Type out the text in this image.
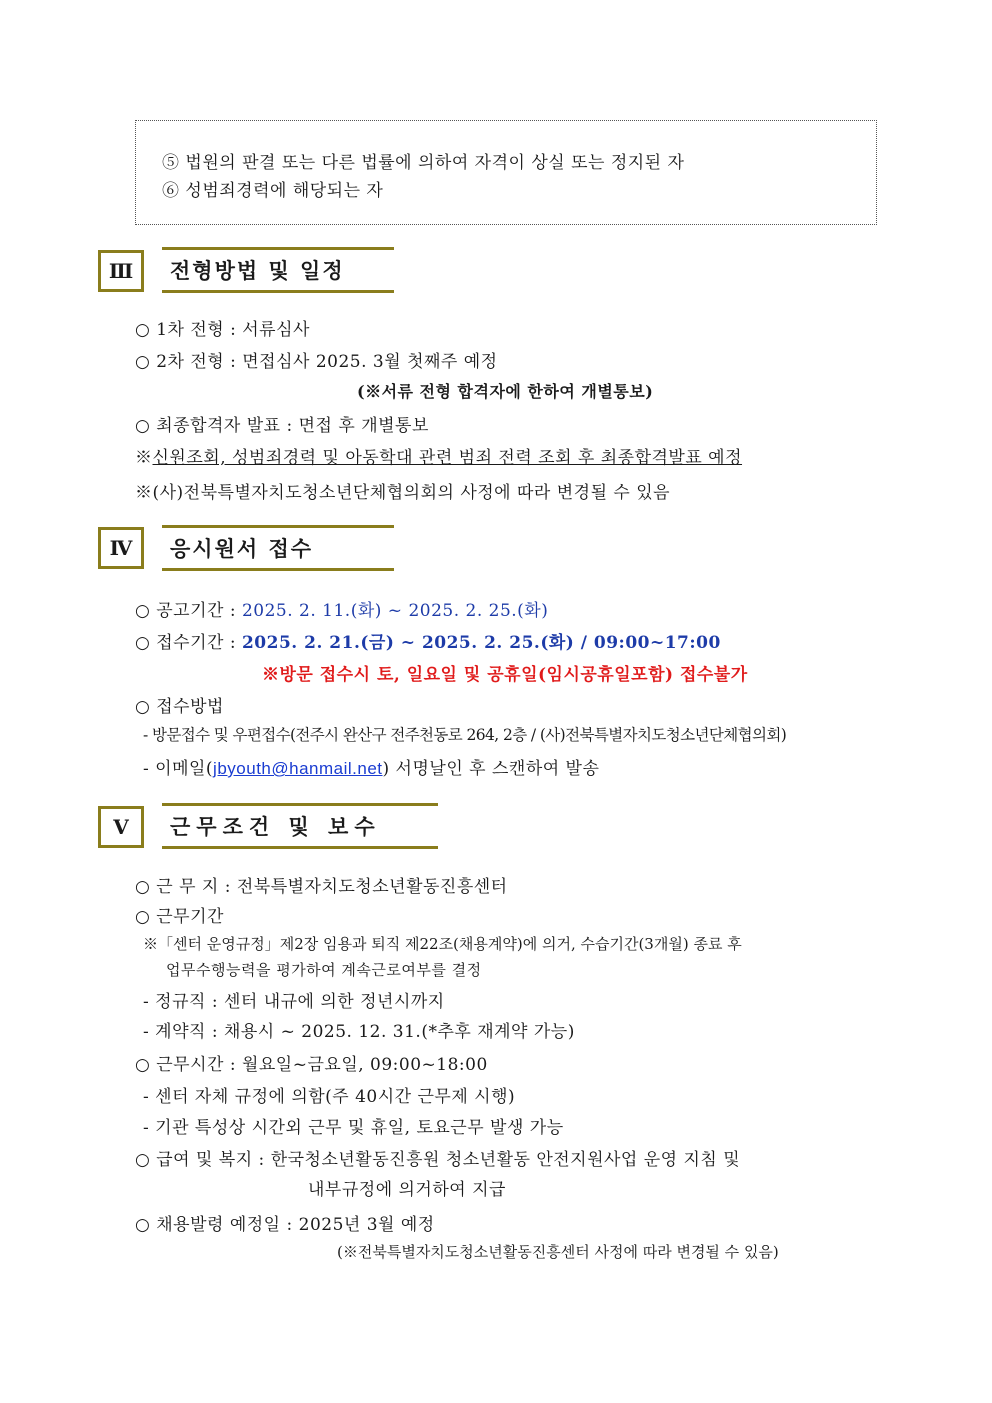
⑤ 법원의 판결 또는 다른 법률에 의하여 자격이 상실 또는 정지된 자
⑥ 성범죄경력에 해당되는 자
Ⅲ	전형방법 및 일정
○ 1차 전형 : 서류심사
○ 2차 전형 : 면접심사 2025. 3월 첫째주 예정
(※서류 전형 합격자에 한하여 개별통보)
○ 최종합격자 발표 : 면접 후 개별통보
※신원조회, 성범죄경력 및 아동학대 관련 범죄 전력 조회 후 최종합격발표 예정
※(사)전북특별자치도청소년단체협의회의 사정에 따라 변경될 수 있음
Ⅳ	응시원서 접수
○ 공고기간 : 2025. 2. 11.(화) ~ 2025. 2. 25.(화)
○ 접수기간 : 2025. 2. 21.(금) ~ 2025. 2. 25.(화) / 09:00~17:00
※방문 접수시 토, 일요일 및 공휴일(임시공휴일포함) 접수불가
○ 접수방법
- 방문접수 및 우편접수(전주시 완산구 전주천동로 264, 2층 / (사)전북특별자치도청소년단체협의회)
- 이메일(jbyouth@hanmail.net) 서명날인 후 스캔하여 발송
Ⅴ	근무조건 및 보수
○ 근 무 지 : 전북특별자치도청소년활동진흥센터
○ 근무기간
※「센터 운영규정」제2장 임용과 퇴직 제22조(채용계약)에 의거, 수습기간(3개월) 종료 후
업무수행능력을 평가하여 계속근로여부를 결정
- 정규직 : 센터 내규에 의한 정년시까지
- 계약직 : 채용시 ~ 2025. 12. 31.(*추후 재계약 가능)
○ 근무시간 : 월요일~금요일, 09:00~18:00
- 센터 자체 규정에 의함(주 40시간 근무제 시행)
- 기관 특성상 시간외 근무 및 휴일, 토요근무 발생 가능
○ 급여 및 복지 : 한국청소년활동진흥원 청소년활동 안전지원사업 운영 지침 및
내부규정에 의거하여 지급
○ 채용발령 예정일 : 2025년 3월 예정
(※전북특별자치도청소년활동진흥센터 사정에 따라 변경될 수 있음)
